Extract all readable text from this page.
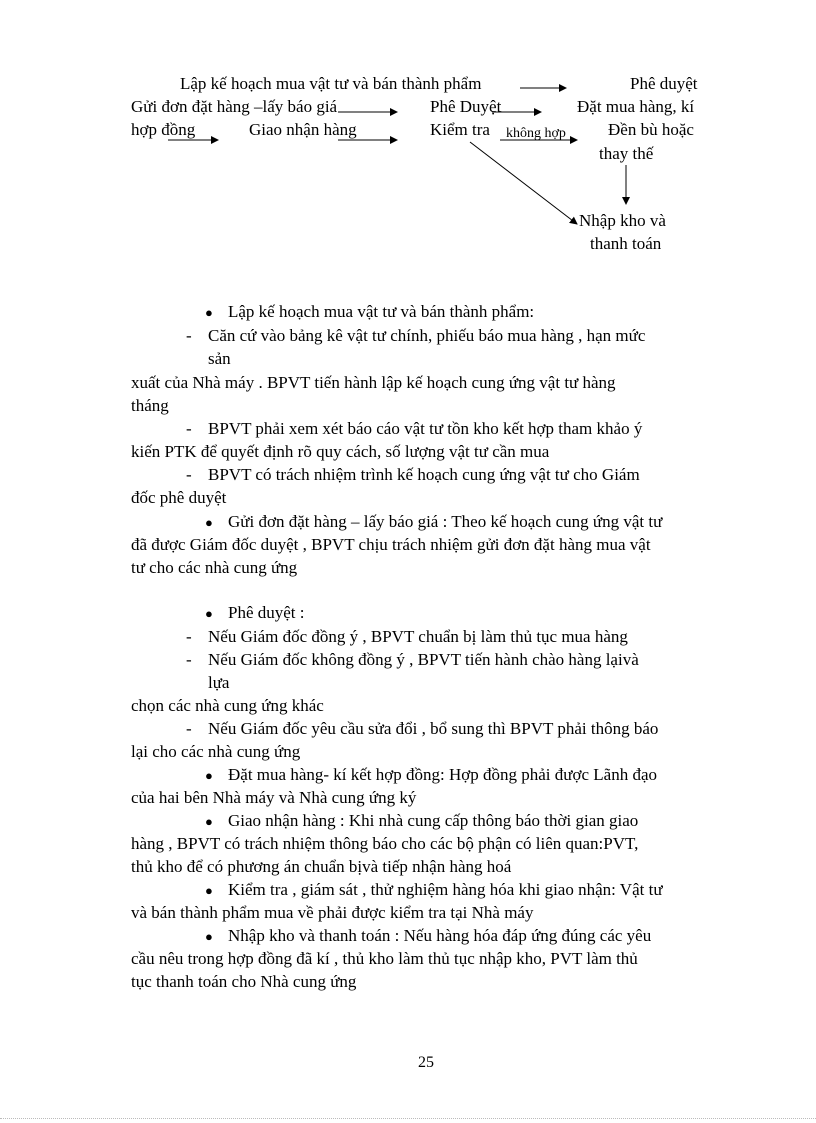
Lập kế hoạch mua vật tư và bán thành phẩm	Phê duyệt
Gửi đơn đặt hàng –lấy báo giá	Phê Duyệt	Đặt mua hàng, kí
hợp đồng	Giao nhận hàng	Kiểm tra không hợp Đền bù hoặc
thay thế
Nhập kho và
thanh toán
● Lập kế hoạch mua vật tư và bán thành phẩm:
- Căn cứ vào bảng kê vật tư chính, phiếu báo mua hàng , hạn mức
sản
xuất của Nhà máy . BPVT tiến hành lập kế hoạch cung ứng vật tư hàng
tháng
- BPVT phải xem xét báo cáo vật tư tồn kho kết hợp tham khảo ý
kiến PTK để quyết định rõ quy cách, số lượng vật tư cần mua
- BPVT có trách nhiệm trình kế hoạch cung ứng vật tư cho Giám
đốc phê duyệt
● Gửi đơn đặt hàng – lấy báo giá : Theo kế hoạch cung ứng vật tư
đã được Giám đốc duyệt , BPVT chịu trách nhiệm gửi đơn đặt hàng mua vật
tư cho các nhà cung ứng
● Phê duyệt :
- Nếu Giám đốc đồng ý , BPVT chuẩn bị làm thủ tục mua hàng
- Nếu Giám đốc không đồng ý , BPVT tiến hành chào hàng lạivà
lựa
chọn các nhà cung ứng khác
- Nếu Giám đốc yêu cầu sửa đổi , bổ sung thì BPVT phải thông báo
lại cho các nhà cung ứng
● Đặt mua hàng- kí kết hợp đồng: Hợp đồng phải được Lãnh đạo
của hai bên Nhà máy và Nhà cung ứng ký
● Giao nhận hàng : Khi nhà cung cấp thông báo thời gian giao
hàng , BPVT có trách nhiệm thông báo cho các bộ phận có liên quan:PVT,
thủ kho để có phương án chuẩn bịvà tiếp nhận hàng hoá
● Kiểm tra , giám sát , thử nghiệm hàng hóa khi giao nhận: Vật tư
và bán thành phẩm mua về phải được kiểm tra tại Nhà máy
● Nhập kho và thanh toán : Nếu hàng hóa đáp ứng đúng các yêu
cầu nêu trong hợp đồng đã kí , thủ kho làm thủ tục nhập kho, PVT làm thủ
tục thanh toán cho Nhà cung ứng
25
